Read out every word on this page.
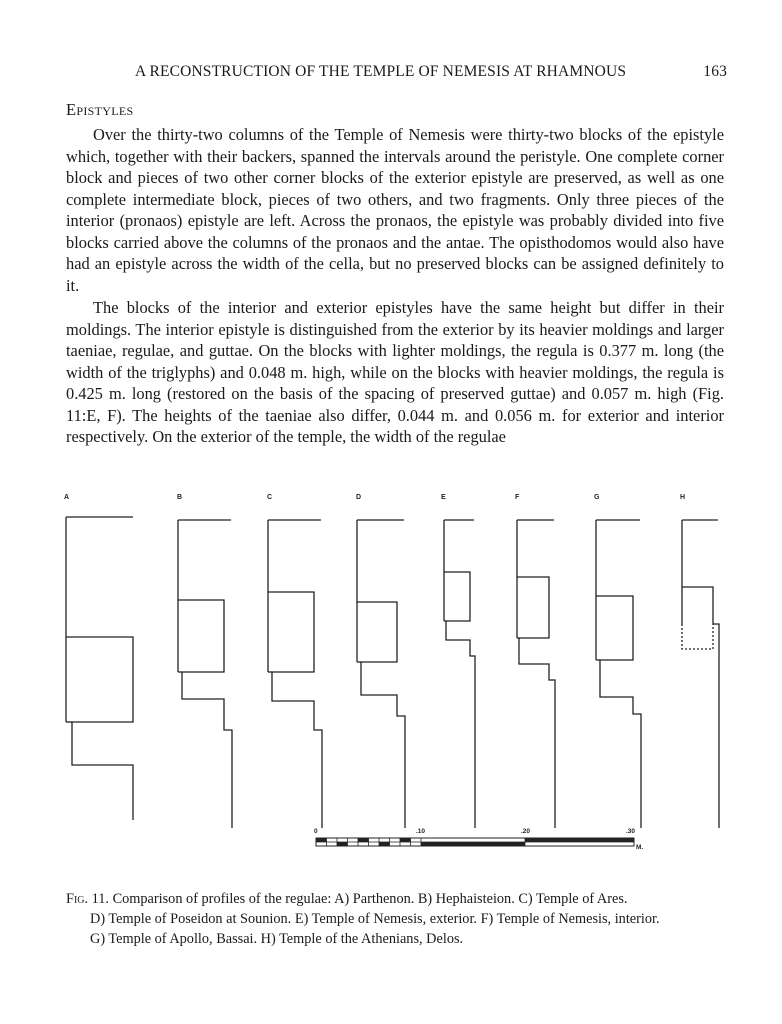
A RECONSTRUCTION OF THE TEMPLE OF NEMESIS AT RHAMNOUS	163
Epistyles

Over the thirty-two columns of the Temple of Nemesis were thirty-two blocks of the epistyle which, together with their backers, spanned the intervals around the peristyle. One complete corner block and pieces of two other corner blocks of the exterior epistyle are preserved, as well as one complete intermediate block, pieces of two others, and two fragments. Only three pieces of the interior (pronaos) epistyle are left. Across the pronaos, the epistyle was probably divided into five blocks carried above the columns of the pronaos and the antae. The opisthodomos would also have had an epistyle across the width of the cella, but no preserved blocks can be assigned definitely to it.

The blocks of the interior and exterior epistyles have the same height but differ in their moldings. The interior epistyle is distinguished from the exterior by its heavier moldings and larger taeniae, regulae, and guttae. On the blocks with lighter moldings, the regula is 0.377 m. long (the width of the triglyphs) and 0.048 m. high, while on the blocks with heavier moldings, the regula is 0.425 m. long (restored on the basis of the spacing of preserved guttae) and 0.057 m. high (Fig. 11:E, F). The heights of the taeniae also differ, 0.044 m. and 0.056 m. for exterior and interior respectively. On the exterior of the temple, the width of the regulae

A	B	C	D	E	F	G	H
0	.10	.20	.30
M.
Fig. 11. Comparison of profiles of the regulae: A) Parthenon. B) Hephaisteion. C) Temple of Ares.
D) Temple of Poseidon at Sounion. E) Temple of Nemesis, exterior. F) Temple of Nemesis, interior.
G) Temple of Apollo, Bassai. H) Temple of the Athenians, Delos.
